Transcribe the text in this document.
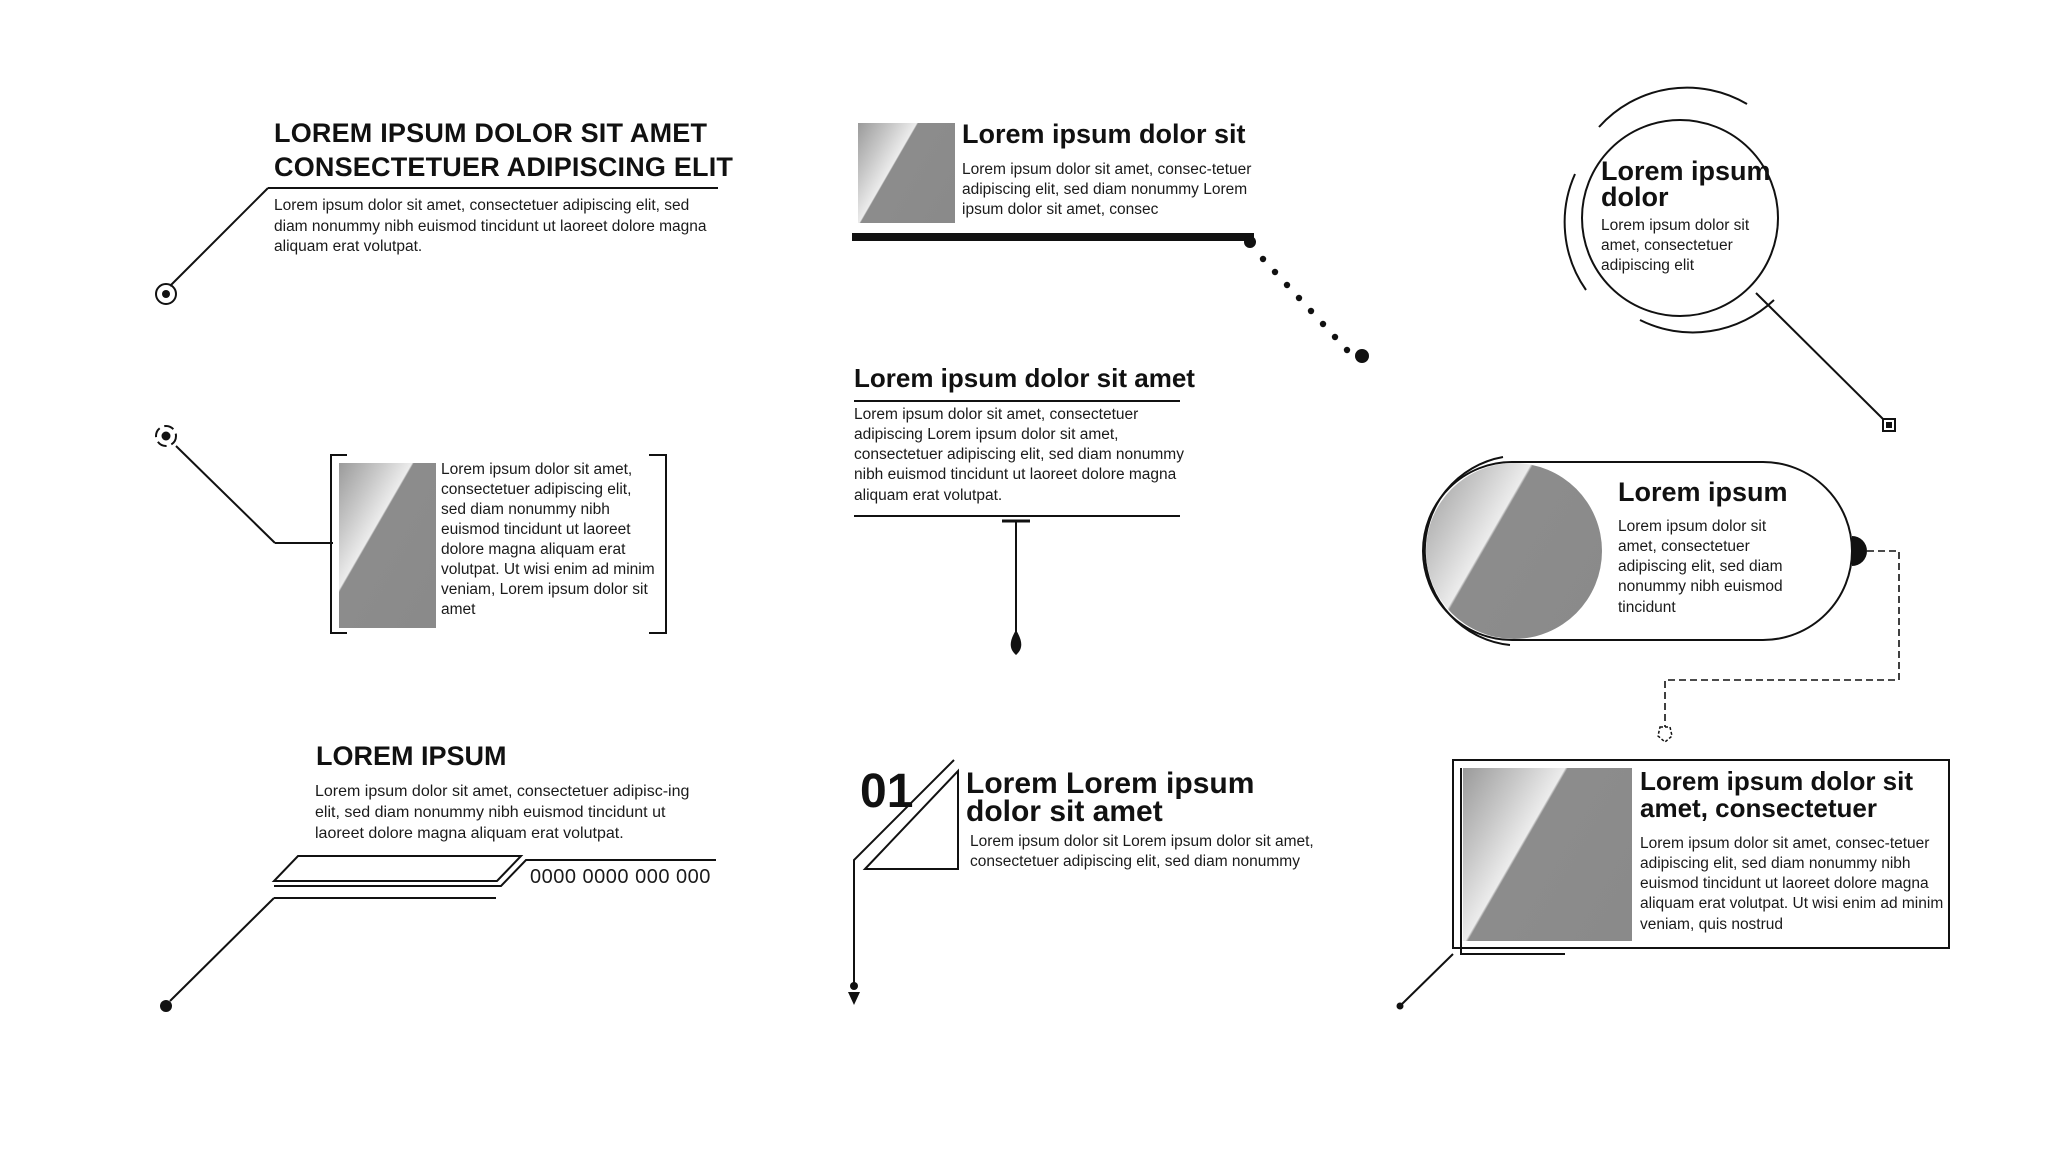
LOREM IPSUM DOLOR SIT AMET CONSECTETUER ADIPISCING ELIT
Lorem ipsum dolor sit amet, consectetuer adipiscing elit, sed diam nonummy nibh euismod tincidunt ut laoreet dolore magna aliquam erat volutpat.
Lorem ipsum dolor sit
Lorem ipsum dolor sit amet, consec-tetuer adipiscing elit, sed diam nonummy Lorem ipsum dolor sit amet, consec
Lorem ipsum dolor
Lorem ipsum dolor sit amet, consectetuer adipiscing elit
Lorem ipsum dolor sit amet, consectetuer adipiscing elit, sed diam nonummy nibh euismod tincidunt ut laoreet dolore magna aliquam erat volutpat. Ut wisi enim ad minim veniam, Lorem ipsum dolor sit amet
Lorem ipsum dolor sit amet
Lorem ipsum dolor sit amet, consectetuer adipiscing Lorem ipsum dolor sit amet, consectetuer adipiscing elit, sed diam nonummy nibh euismod tincidunt ut laoreet dolore magna aliquam erat volutpat.	Lorem ipsum
Lorem ipsum dolor sit amet, consectetuer adipiscing elit, sed diam nonummy nibh euismod tincidunt
LOREM IPSUM
Lorem ipsum dolor sit amet, consectetuer adipisc-ing elit, sed diam nonummy nibh euismod tincidunt ut laoreet dolore magna aliquam erat volutpat.
0000 0000 000 000
01 Lorem Lorem ipsum dolor sit amet
Lorem ipsum dolor sit Lorem ipsum dolor sit amet, consectetuer adipiscing elit, sed diam nonummy
Lorem ipsum dolor sit amet, consectetuer
Lorem ipsum dolor sit amet, consec-tetuer adipiscing elit, sed diam nonummy nibh euismod tincidunt ut laoreet dolore magna aliquam erat volutpat. Ut wisi enim ad minim veniam, quis nostrud
